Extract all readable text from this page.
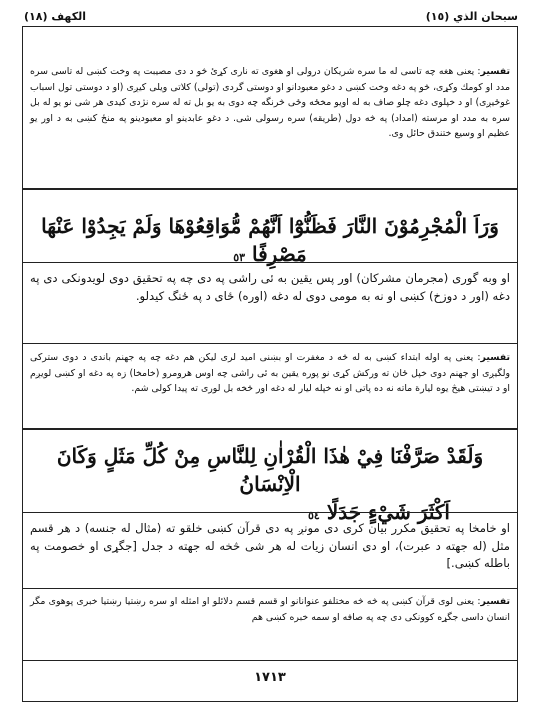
سبحان الذي (١٥)
الكهف (١٨)
تفسير: يعنى هغه چه تاسى له ما سره شريكان درولى او هغوى ته نارى كړئ څو د دى مصيبت په وخت كښى له تاسى سره مدد او كومك وكړى، څو په دغه وخت كښى د دغو معبودانو او دوستى گردى (تولى) كلاتى ويلى كيږى (او د دوستى تول اسباب غوځيږى) او د خپلوى دغه چلو صاف به له اويو مخځه وځى څرنگه چه دوى به يو بل ته له سره نژدى كيدى هر شى نو يو له بل سره به مدد او مرسته (امداد) په څه دول (طريقه) سره رسولى شى. د دغو عابدينو او معبودينو په منځ كښى به د اور يو عظيم او وسيع ختندق حائل وى.
وَرَاَ الْمُجْرِمُوْنَ النَّارَ فَظَنُّوْٓا اَنَّهُمْ مُّوَاقِعُوْهَا وَلَمْ يَجِدُوْا عَنْهَا مَصْرِفًا ٥٣
او وبه گورى (مجرمان مشركان) اور پس يقين به ئى راشى په دى چه په تحقيق دوى لويدونكى دى په دغه (اور د دوزخ) كښى او نه به مومى دوى له دغه (اوره) ځاى د په ځنگ كيدلو.
تفسير: يعنى په اوله ابتداء كښى به له څه د مغفرت او بښنى اميد لرى ليكن هم دغه چه په جهنم باندى د دوى ستركى ولگيږى او جهنم دوى خپل ځان ته وركش كړى نو پوره يقين به ئى راشى چه اوس هرومرو (خامخا) زه په دغه او كښى لويږم او د تيښتى هيڅ يوه ليارة ماته نه ده پاتى او نه خپله ليار له دغه اور څخه بل لورى ته پيدا كولى شم.
وَلَقَدْ صَرَّفْنَا فِيْ هٰذَا الْقُرْاٰنِ لِلنَّاسِ مِنْ كُلِّ مَثَلٍ وَكَانَ الْاِنْسَانُ
اَكْثَرَ شَيْءٍ جَدَلًا ٥٤
او خامخا په تحقيق مكرر بيان كرى دى مونږ په دى قرآن كښى خلقو ته (مثال له جنسه) د هر قسم مثل (له جهته د عبرت)، او دى انسان زيات له هر شى څخه له جهته د جدل [جگړى او خصومت په باطله كښى.]
تفسير: يعنى لوى قرآن كښى په څه څه مختلفو عنوانانو او قسم قسم دلائلو او امثله او سره رښتيا رښتيا خبرى پوهوى مگر انسان داسى جگړه كوونكى دى چه په صافه او سمه خبره كښى هم
١٧١٣
